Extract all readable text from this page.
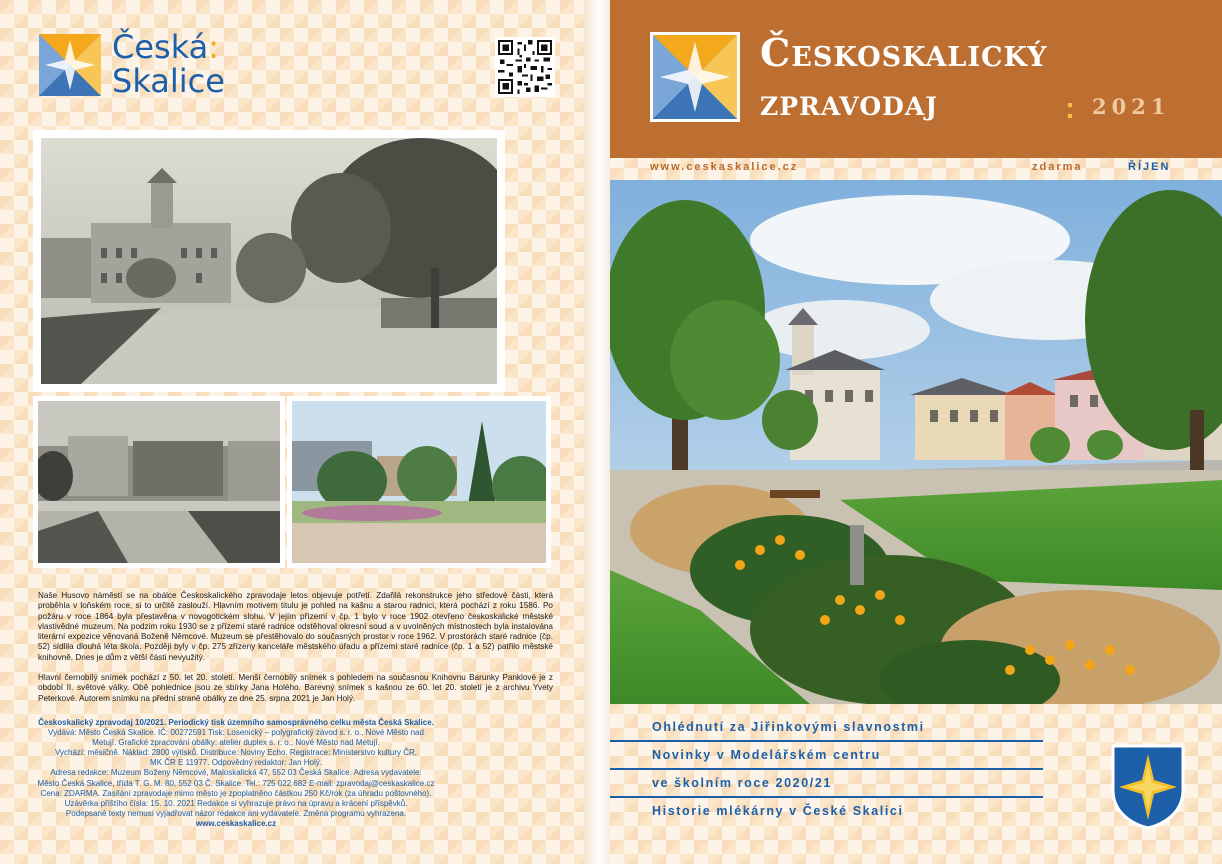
Česká:
Skalice

Naše Husovo náměstí se na obálce Českoskalického zpravodaje letos objevuje potřetí. Zdařilá rekonstrukce jeho středové části, která proběhla v loňském roce, si to určitě zaslouží. Hlavním motivem titulu je pohled na kašnu a starou radnici, která pochází z roku 1586. Po požáru v roce 1864 byla přestavěna v novogotickém slohu. V jejím přízemí v čp. 1 bylo v roce 1902 otevřeno českoskalické městské vlastivědné muzeum. Na podzim roku 1930 se z přízemí staré radnice odstěhoval okresní soud a v uvolněných místnostech byla instalována literární expozice věnovaná Boženě Němcové. Muzeum se přestěhovalo do současných prostor v roce 1962. V prostorách staré radnice (čp. 52) sídlila dlouhá léta škola. Později byly v čp. 275 zřízeny kanceláře městského úřadu a přízemí staré radnice (čp. 1 a 52) patřilo městské knihovně. Dnes je dům z větší části nevyužitý.

Hlavní černobílý snímek pochází z 50. let 20. století. Menší černobílý snímek s pohledem na současnou Knihovnu Barunky Panklové je z období II. světové války. Obě pohlednice jsou ze sbírky Jana Holého. Barevný snímek s kašnou ze 60. let 20. století je z archivu Yvety Peterkové. Autorem snímku na přední straně obálky ze dne 25. srpna 2021 je Jan Holý.

Českoskalický zpravodaj 10/2021. Periodický tisk územního samosprávného celku města Česká Skalice.
Vydává: Město Česká Skalice. IČ: 00272591 Tisk: Losenický – polygrafický závod s. r. o., Nové Město nad
Metují. Grafické zpracování obálky: atelier duplex s. r. o., Nové Město nad Metují.
Vychází: měsíčně. Náklad: 2800 výtisků. Distribuce: Noviny Echo. Registrace: Ministerstvo kultury ČR,
MK ČR E 11977. Odpovědný redaktor: Jan Holý.
Adresa redakce: Muzeum Boženy Němcové, Maloskalická 47, 552 03 Česká Skalice. Adresa vydavatele:
Město Česká Skalice, třída T. G. M. 80, 552 03 Č. Skalice. Tel.: 725 022 682 E-mail: zpravodaj@ceskaskalice.cz
Cena: ZDARMA. Zasílání zpravodaje mimo město je zpoplatněno částkou 250 Kč/rok (za úhradu poštovného). Uzávěrka příštího čísla: 15. 10. 2021 Redakce si vyhrazuje právo na úpravu a krácení příspěvků.
Podepsané texty nemusí vyjadřovat názor redakce ani vydavatele. Změna programu vyhrazena.
www.ceskaskalice.cz
Českoskalický
zpravodaj	: 2021
www.ceskaskalice.cz	zdarma	ŘÍJEN
Ohlédnutí za Jiřinkovými slavnostmi
Novinky v Modelářském centru
ve školním roce 2020/21
Historie mlékárny v České Skalici
